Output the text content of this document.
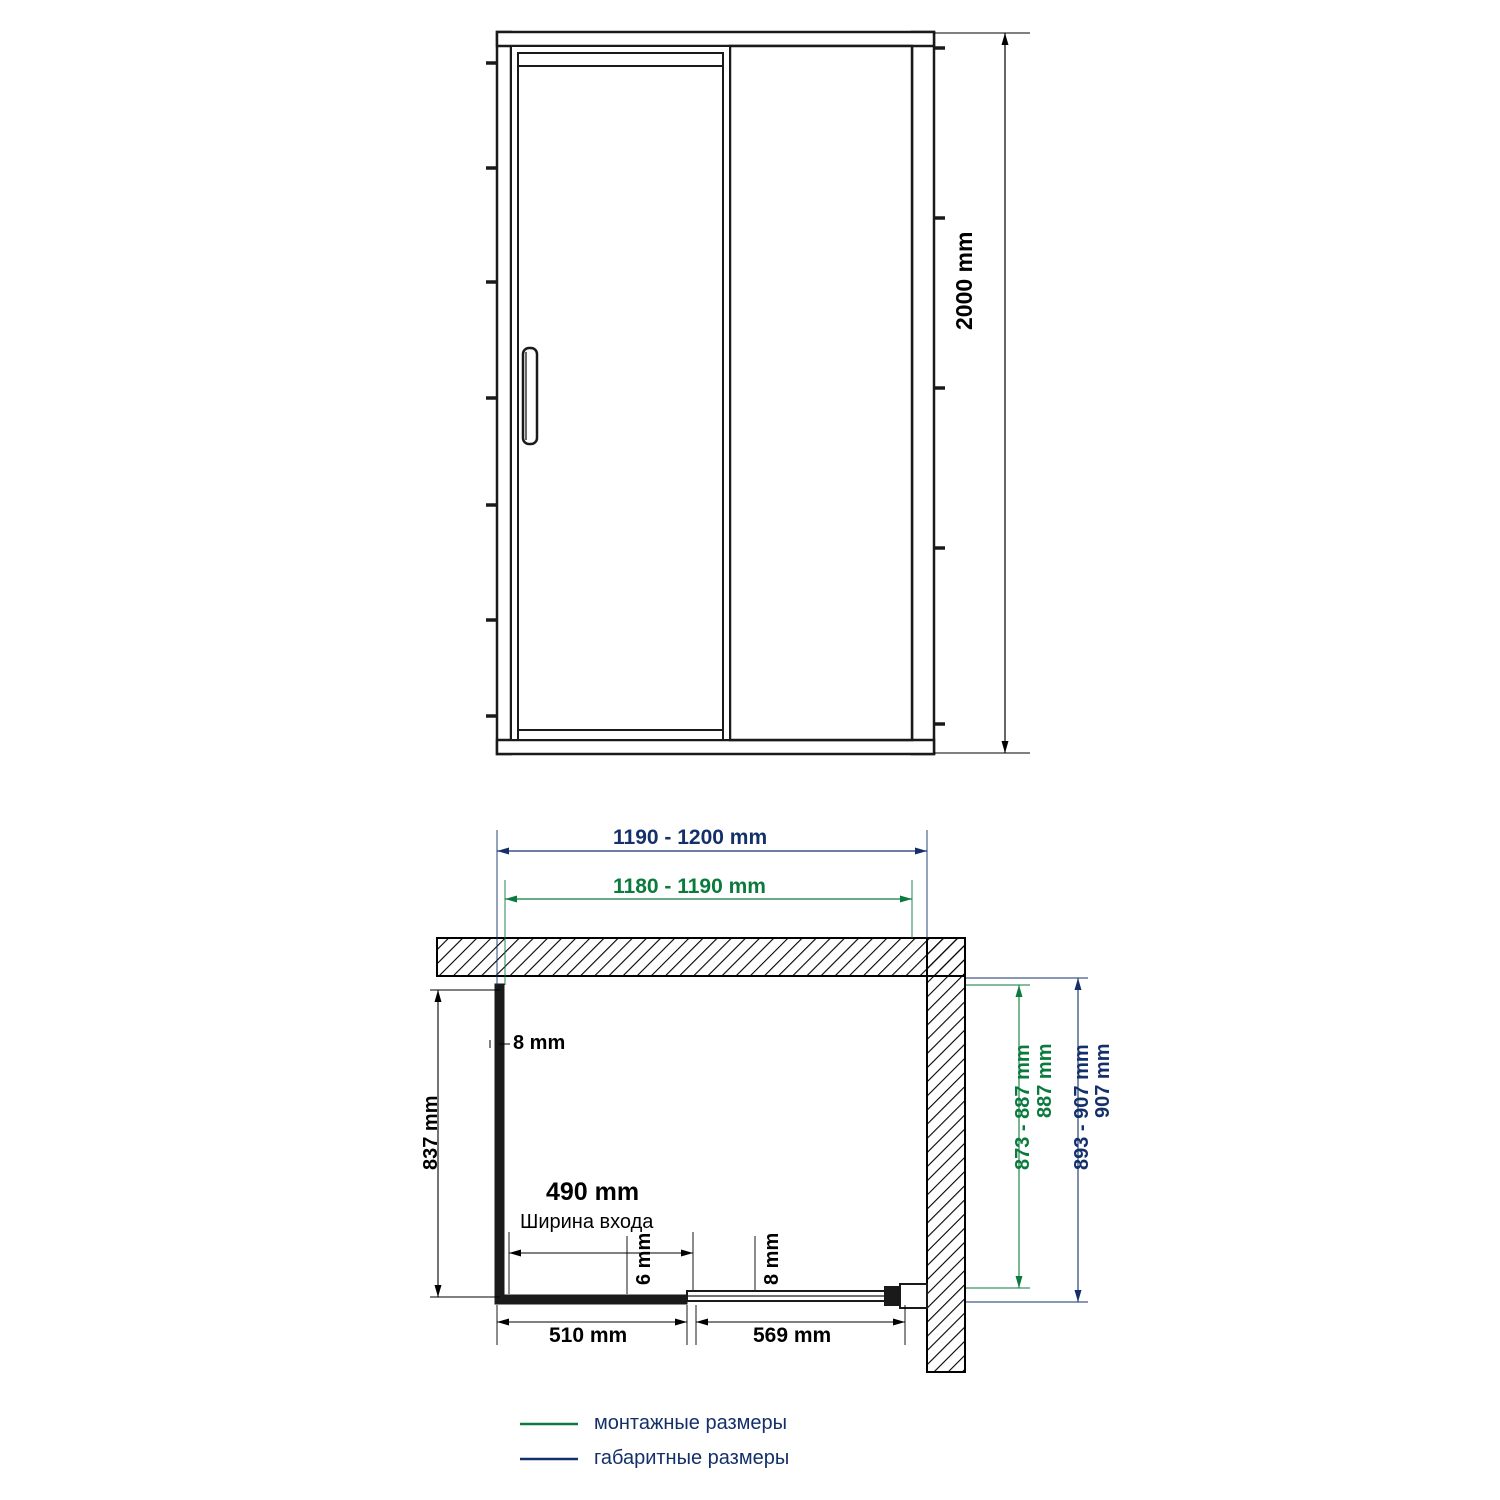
2000 mm
1190 - 1200 mm
1180 - 1190 mm
8 mm
837 mm
490 mm
Ширина входа
6 mm	8 mm
510 mm	569 mm
873 - 887 mm 893 - 907 mm
887 mm 907 mm
монтажные размеры
габаритные размеры
